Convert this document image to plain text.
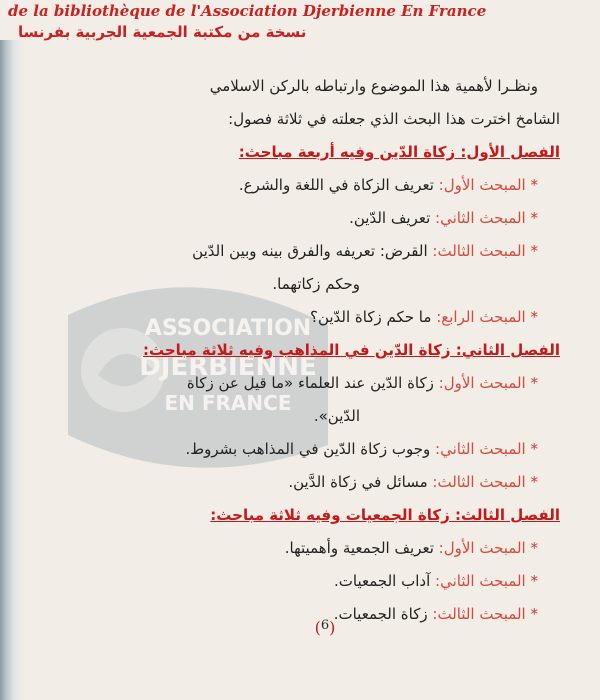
de la bibliothèque de l'Association Djerbienne En France
نسخة من مكتبة الجمعية الجربية بفرنسا
ASSOCIATION
DJERBIENNE
EN FRANCE
ونظـرا لأهمية هذا الموضوع وارتباطه بالركن الاسلامي
الشامخ اخترت هذا البحث الذي جعلته في ثلاثة فصول:
الفصل الأول: زكاة الدّين وفيه أربعة مباحث:
* المبحث الأول: تعريف الزكاة في اللغة والشرع.
* المبحث الثاني: تعريف الدّين.
* المبحث الثالث: القرض: تعريفه والفرق بينه وبين الدّين
وحكم زكاتهما.
* المبحث الرابع: ما حكم زكاة الدّين؟
الفصل الثاني: زكاة الدّين في المذاهب وفيه ثلاثة مباحث:
* المبحث الأول: زكاة الدّين عند العلماء «ما قيل عن زكاة
الدّين».
* المبحث الثاني: وجوب زكاة الدّين في المذاهب بشروط.
* المبحث الثالث: مسائل في زكاة الدَّين.
الفصل الثالث: زكاة الجمعيات وفيه ثلاثة مباحث:
* المبحث الأول: تعريف الجمعية وأهميتها.
* المبحث الثاني: آداب الجمعيات.
* المبحث الثالث: زكاة الجمعيات.
($^6$)
